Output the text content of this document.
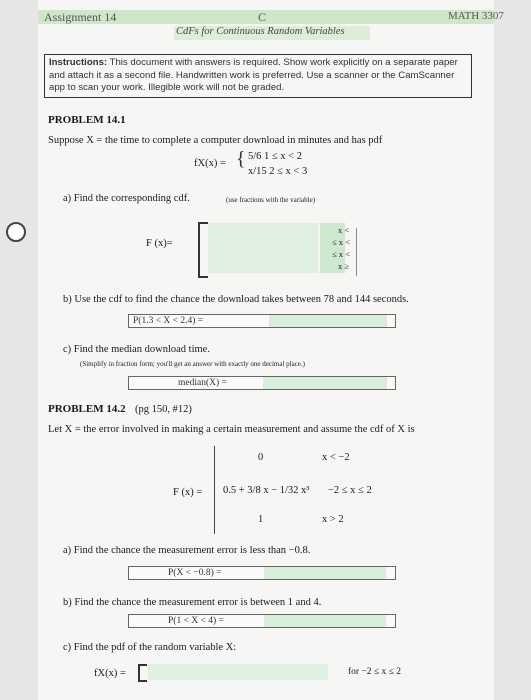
Assignment 14	C	MATH 3307
CdFs for Continuous Random Variables
Instructions: This document with answers is required. Show work explicitly on a separate paper and attach it as a second file. Handwritten work is preferred. Use a scanner or the CamScanner app to scan your work. Illegible work will not be graded.
PROBLEM 14.1
Suppose X = the time to complete a computer download in minutes and has pdf
fX(x) = { 5/6 1 ≤ x < 2
x/15 2 ≤ x < 3
a) Find the corresponding cdf.	(use fractions with the variable)
F (x)=
x <
≤ x <
≤ x <
x ≥
b) Use the cdf to find the chance the download takes between 78 and 144 seconds.
P(1.3 < X < 2.4) =
c) Find the median download time.
(Simplify in fraction form; you'll get an answer with exactly one decimal place.)
median(X) =
PROBLEM 14.2 (pg 150, #12)
Let X = the error involved in making a certain measurement and assume the cdf of X is
F (x) =
0	x < −2
0.5 + 3/8 x − 1/32 x³ −2 ≤ x ≤ 2
1	x > 2
a) Find the chance the measurement error is less than −0.8.
P(X < −0.8) =
b) Find the chance the measurement error is between 1 and 4.
P(1 < X < 4) =
c) Find the pdf of the random variable X:
fX(x) =	for −2 ≤ x ≤ 2
